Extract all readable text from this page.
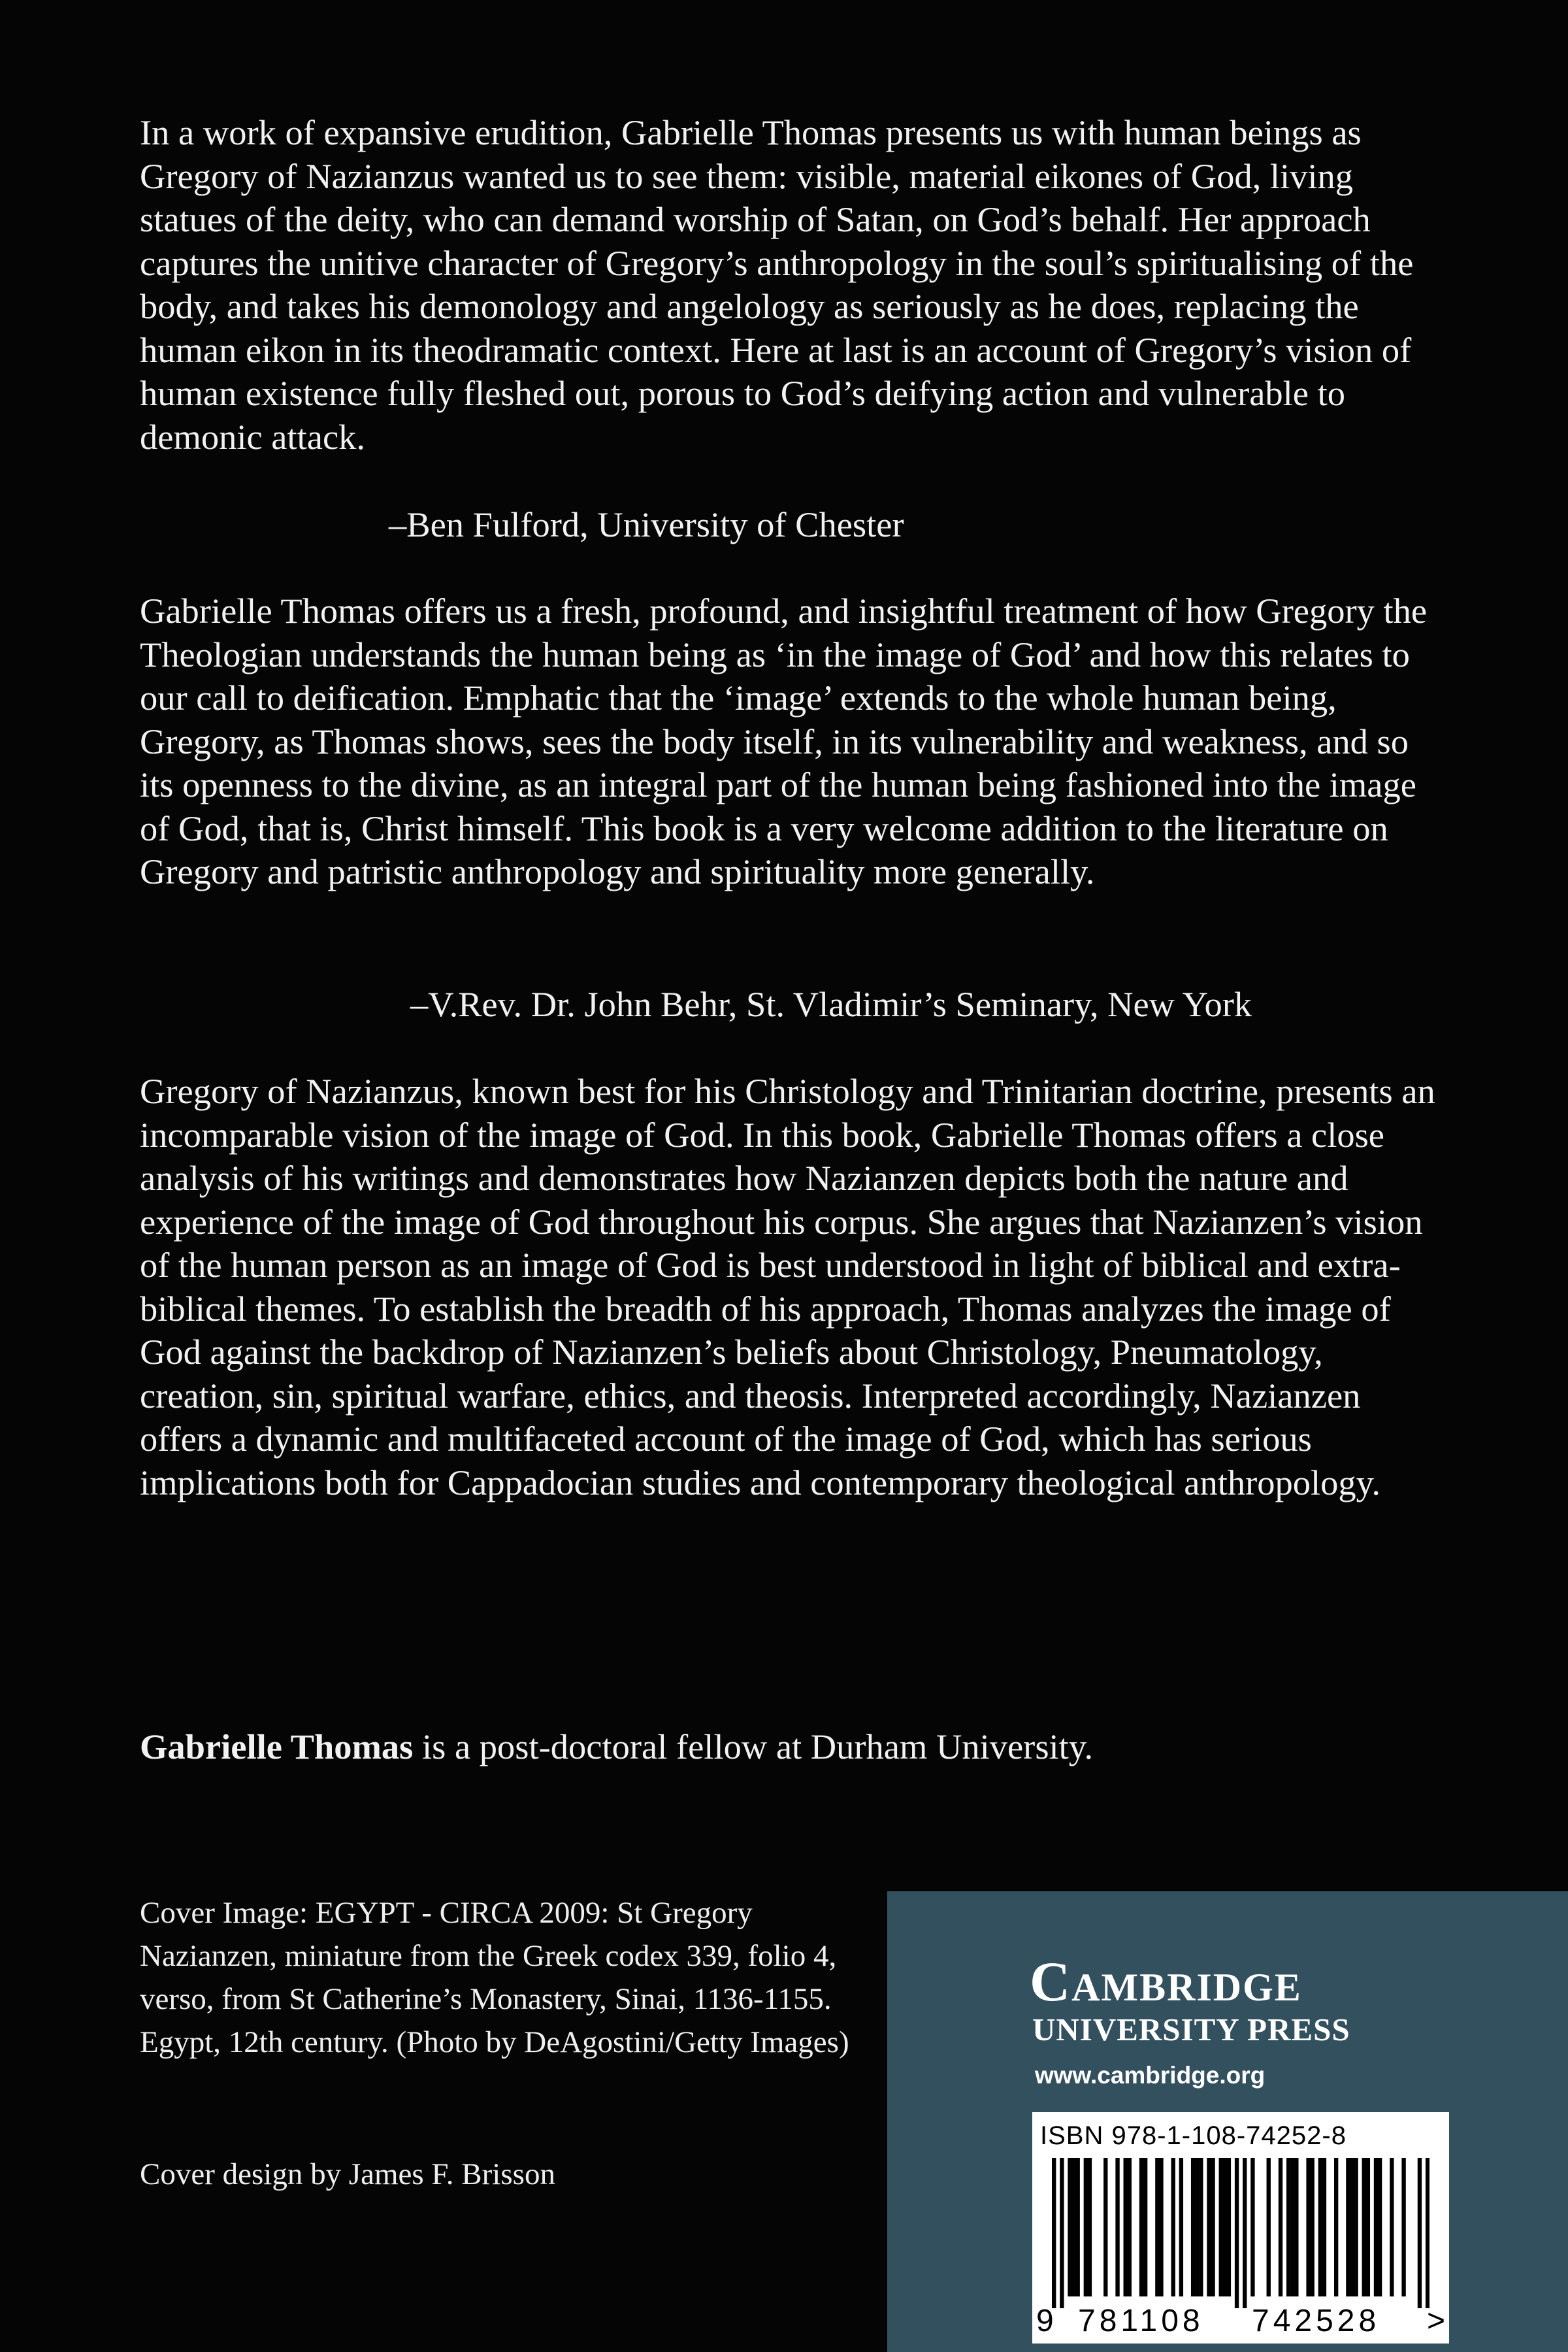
In a work of expansive erudition, Gabrielle Thomas presents us with human beings as Gregory of Nazianzus wanted us to see them: visible, material eikones of God, living statues of the deity, who can demand worship of Satan, on God’s behalf. Her approach captures the unitive character of Gregory’s anthropology in the soul’s spiritualising of the body, and takes his demonology and angelology as seriously as he does, replacing the human eikon in its theodramatic context. Here at last is an account of Gregory’s vision of human existence fully fleshed out, porous to God’s deifying action and vulnerable to demonic attack.

–Ben Fulford, University of Chester

Gabrielle Thomas offers us a fresh, profound, and insightful treatment of how Gregory the Theologian understands the human being as ‘in the image of God’ and how this relates to our call to deification. Emphatic that the ‘image’ extends to the whole human being, Gregory, as Thomas shows, sees the body itself, in its vulnerability and weakness, and so its openness to the divine, as an integral part of the human being fashioned into the image of God, that is, Christ himself. This book is a very welcome addition to the literature on Gregory and patristic anthropology and spirituality more generally.

–V.Rev. Dr. John Behr, St. Vladimir’s Seminary, New York

Gregory of Nazianzus, known best for his Christology and Trinitarian doctrine, presents an incomparable vision of the image of God. In this book, Gabrielle Thomas offers a close analysis of his writings and demonstrates how Nazianzen depicts both the nature and experience of the image of God throughout his corpus. She argues that Nazianzen’s vision of the human person as an image of God is best understood in light of biblical and extra-biblical themes. To establish the breadth of his approach, Thomas analyzes the image of God against the backdrop of Nazianzen’s beliefs about Christology, Pneumatology, creation, sin, spiritual warfare, ethics, and theosis. Interpreted accordingly, Nazianzen offers a dynamic and multifaceted account of the image of God, which has serious implications both for Cappadocian studies and contemporary theological anthropology.

Gabrielle Thomas is a post-doctoral fellow at Durham University.

Cover Image: EGYPT - CIRCA 2009: St Gregory Nazianzen, miniature from the Greek codex 339, folio 4, verso, from St Catherine’s Monastery, Sinai, 1136-1155. Egypt, 12th century. (Photo by DeAgostini/Getty Images)

Cover design by James F. Brisson

Cambridge
UNIVERSITY PRESS
www.cambridge.org
ISBN 978-1-108-74252-8
9 781108 742528 >
